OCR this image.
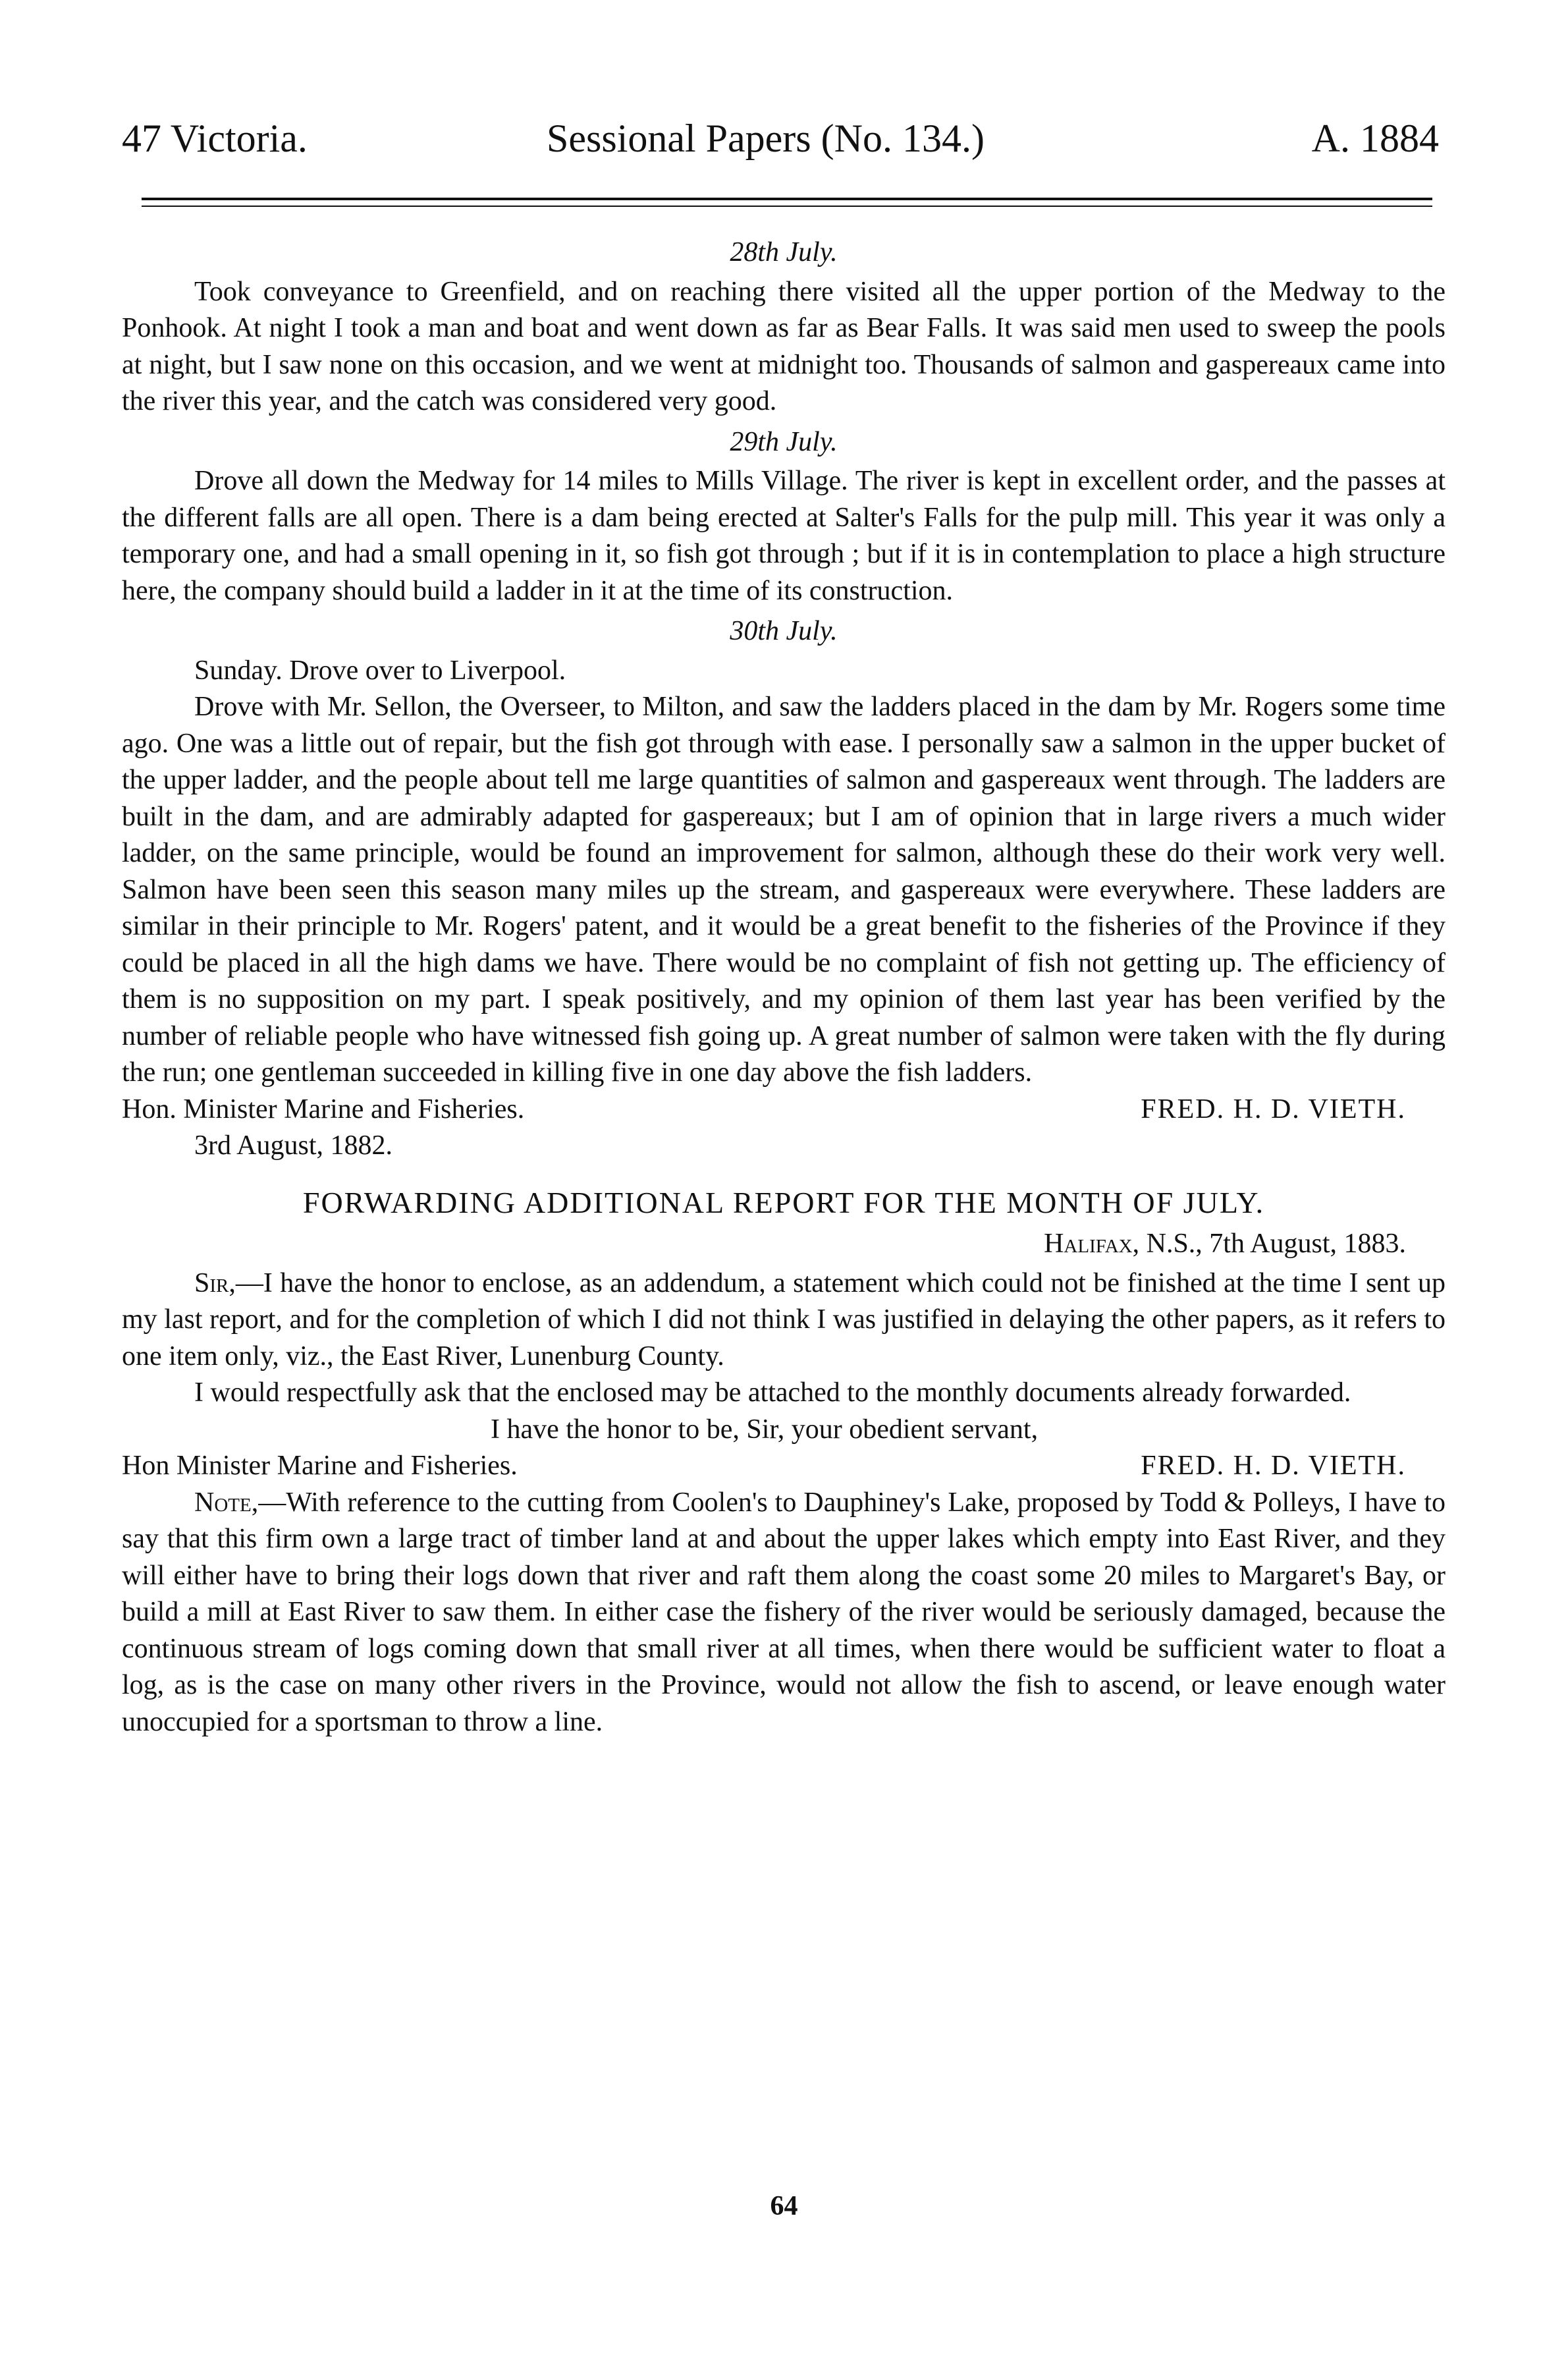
47 Victoria.	Sessional Papers (No. 134.)	A. 1884
28th July.

Took conveyance to Greenfield, and on reaching there visited all the upper portion of the Medway to the Ponhook. At night I took a man and boat and went down as far as Bear Falls. It was said men used to sweep the pools at night, but I saw none on this occasion, and we went at midnight too. Thousands of salmon and gaspereaux came into the river this year, and the catch was considered very good.

29th July.

Drove all down the Medway for 14 miles to Mills Village. The river is kept in excellent order, and the passes at the different falls are all open. There is a dam being erected at Salter's Falls for the pulp mill. This year it was only a temporary one, and had a small opening in it, so fish got through ; but if it is in contemplation to place a high structure here, the company should build a ladder in it at the time of its construction.

30th July.

Sunday. Drove over to Liverpool.

Drove with Mr. Sellon, the Overseer, to Milton, and saw the ladders placed in the dam by Mr. Rogers some time ago. One was a little out of repair, but the fish got through with ease. I personally saw a salmon in the upper bucket of the upper ladder, and the people about tell me large quantities of salmon and gaspereaux went through. The ladders are built in the dam, and are admirably adapted for gaspereaux; but I am of opinion that in large rivers a much wider ladder, on the same principle, would be found an improvement for salmon, although these do their work very well. Salmon have been seen this season many miles up the stream, and gaspereaux were everywhere. These ladders are similar in their principle to Mr. Rogers' patent, and it would be a great benefit to the fisheries of the Province if they could be placed in all the high dams we have. There would be no complaint of fish not getting up. The efficiency of them is no supposition on my part. I speak positively, and my opinion of them last year has been verified by the number of reliable people who have witnessed fish going up. A great number of salmon were taken with the fly during the run; one gentleman succeeded in killing five in one day above the fish ladders.

Hon. Minister Marine and Fisheries.	FRED. H. D. VIETH.
3rd August, 1882.
FORWARDING ADDITIONAL REPORT FOR THE MONTH OF JULY.
Halifax, N.S., 7th August, 1883.

Sir,—I have the honor to enclose, as an addendum, a statement which could not be finished at the time I sent up my last report, and for the completion of which I did not think I was justified in delaying the other papers, as it refers to one item only, viz., the East River, Lunenburg County.

I would respectfully ask that the enclosed may be attached to the monthly documents already forwarded.

I have the honor to be, Sir, your obedient servant,
Hon Minister Marine and Fisheries.	FRED. H. D. VIETH.

Note,—With reference to the cutting from Coolen's to Dauphiney's Lake, proposed by Todd & Polleys, I have to say that this firm own a large tract of timber land at and about the upper lakes which empty into East River, and they will either have to bring their logs down that river and raft them along the coast some 20 miles to Margaret's Bay, or build a mill at East River to saw them. In either case the fishery of the river would be seriously damaged, because the continuous stream of logs coming down that small river at all times, when there would be sufficient water to float a log, as is the case on many other rivers in the Province, would not allow the fish to ascend, or leave enough water unoccupied for a sportsman to throw a line.

64
